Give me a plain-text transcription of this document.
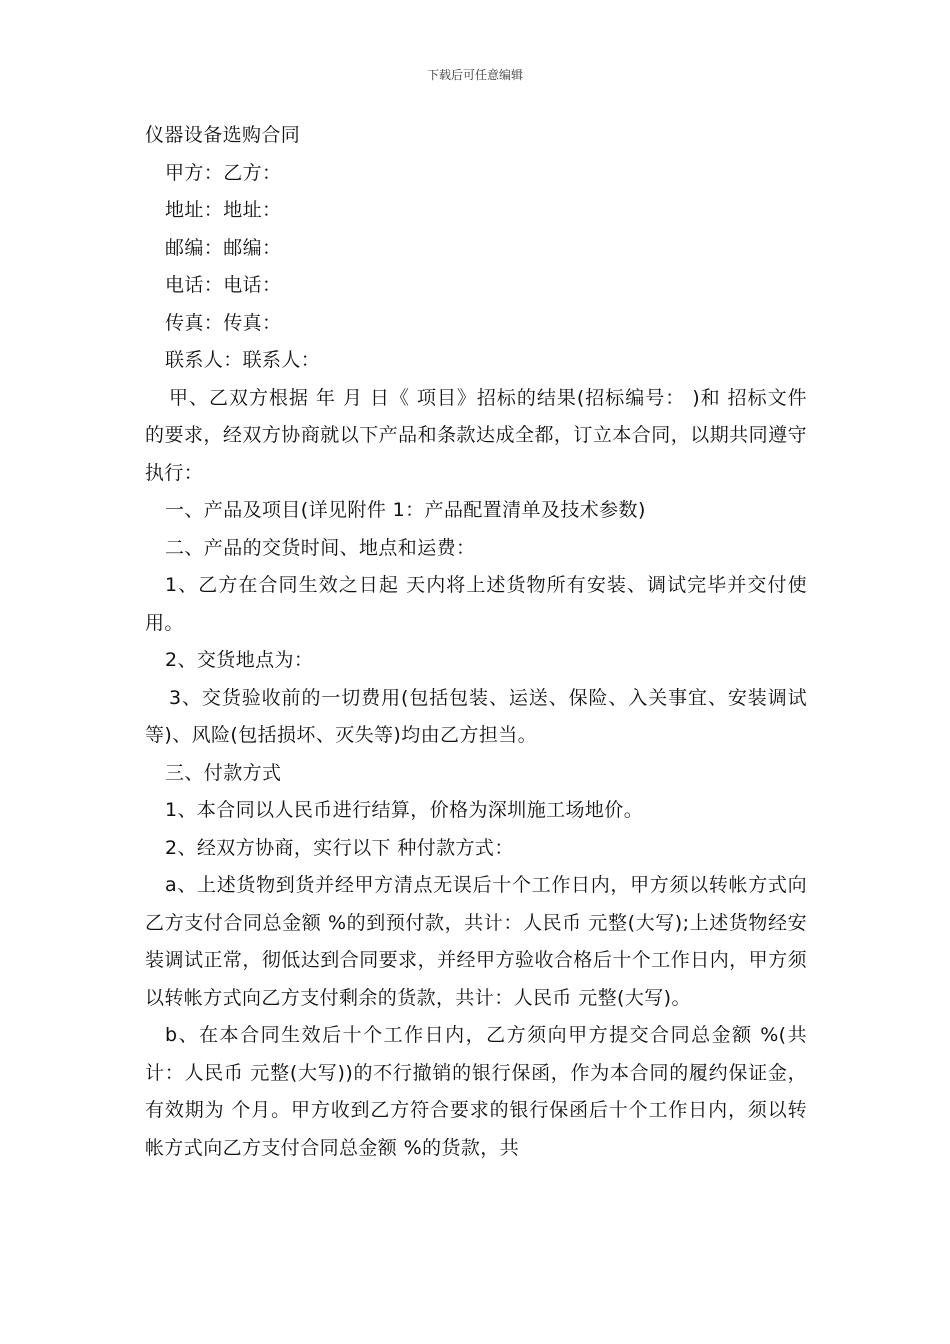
下载后可任意编辑

仪器设备选购合同

甲方：乙方：

地址：地址：

邮编：邮编：

电话：电话：

传真：传真：

联系人：联系人：

甲、乙双方根据 年 月 日《 项目》招标的结果(招标编号： )和 招标文件 的要求，经双方协商就以下产品和条款达成全都，订立本合同，以期共同遵守执行：

一、产品及项目(详见附件 1：产品配置清单及技术参数)

二、产品的交货时间、地点和运费：

1、乙方在合同生效之日起 天内将上述货物所有安装、调试完毕并交付使用。

2、交货地点为：

3、交货验收前的一切费用(包括包装、运送、保险、入关事宜、安装调试等)、风险(包括损坏、灭失等)均由乙方担当。

三、付款方式

1、本合同以人民币进行结算，价格为深圳施工场地价。

2、经双方协商，实行以下 种付款方式：

a、上述货物到货并经甲方清点无误后十个工作日内，甲方须以转帐方式向乙方支付合同总金额 %的到预付款，共计：人民币 元整(大写);上述货物经安装调试正常，彻低达到合同要求，并经甲方验收合格后十个工作日内，甲方须以转帐方式向乙方支付剩余的货款，共计：人民币 元整(大写)。

b、在本合同生效后十个工作日内，乙方须向甲方提交合同总金额 %(共计：人民币 元整(大写))的不行撤销的银行保函，作为本合同的履约保证金，有效期为 个月。甲方收到乙方符合要求的银行保函后十个工作日内，须以转帐方式向乙方支付合同总金额 %的货款，共
